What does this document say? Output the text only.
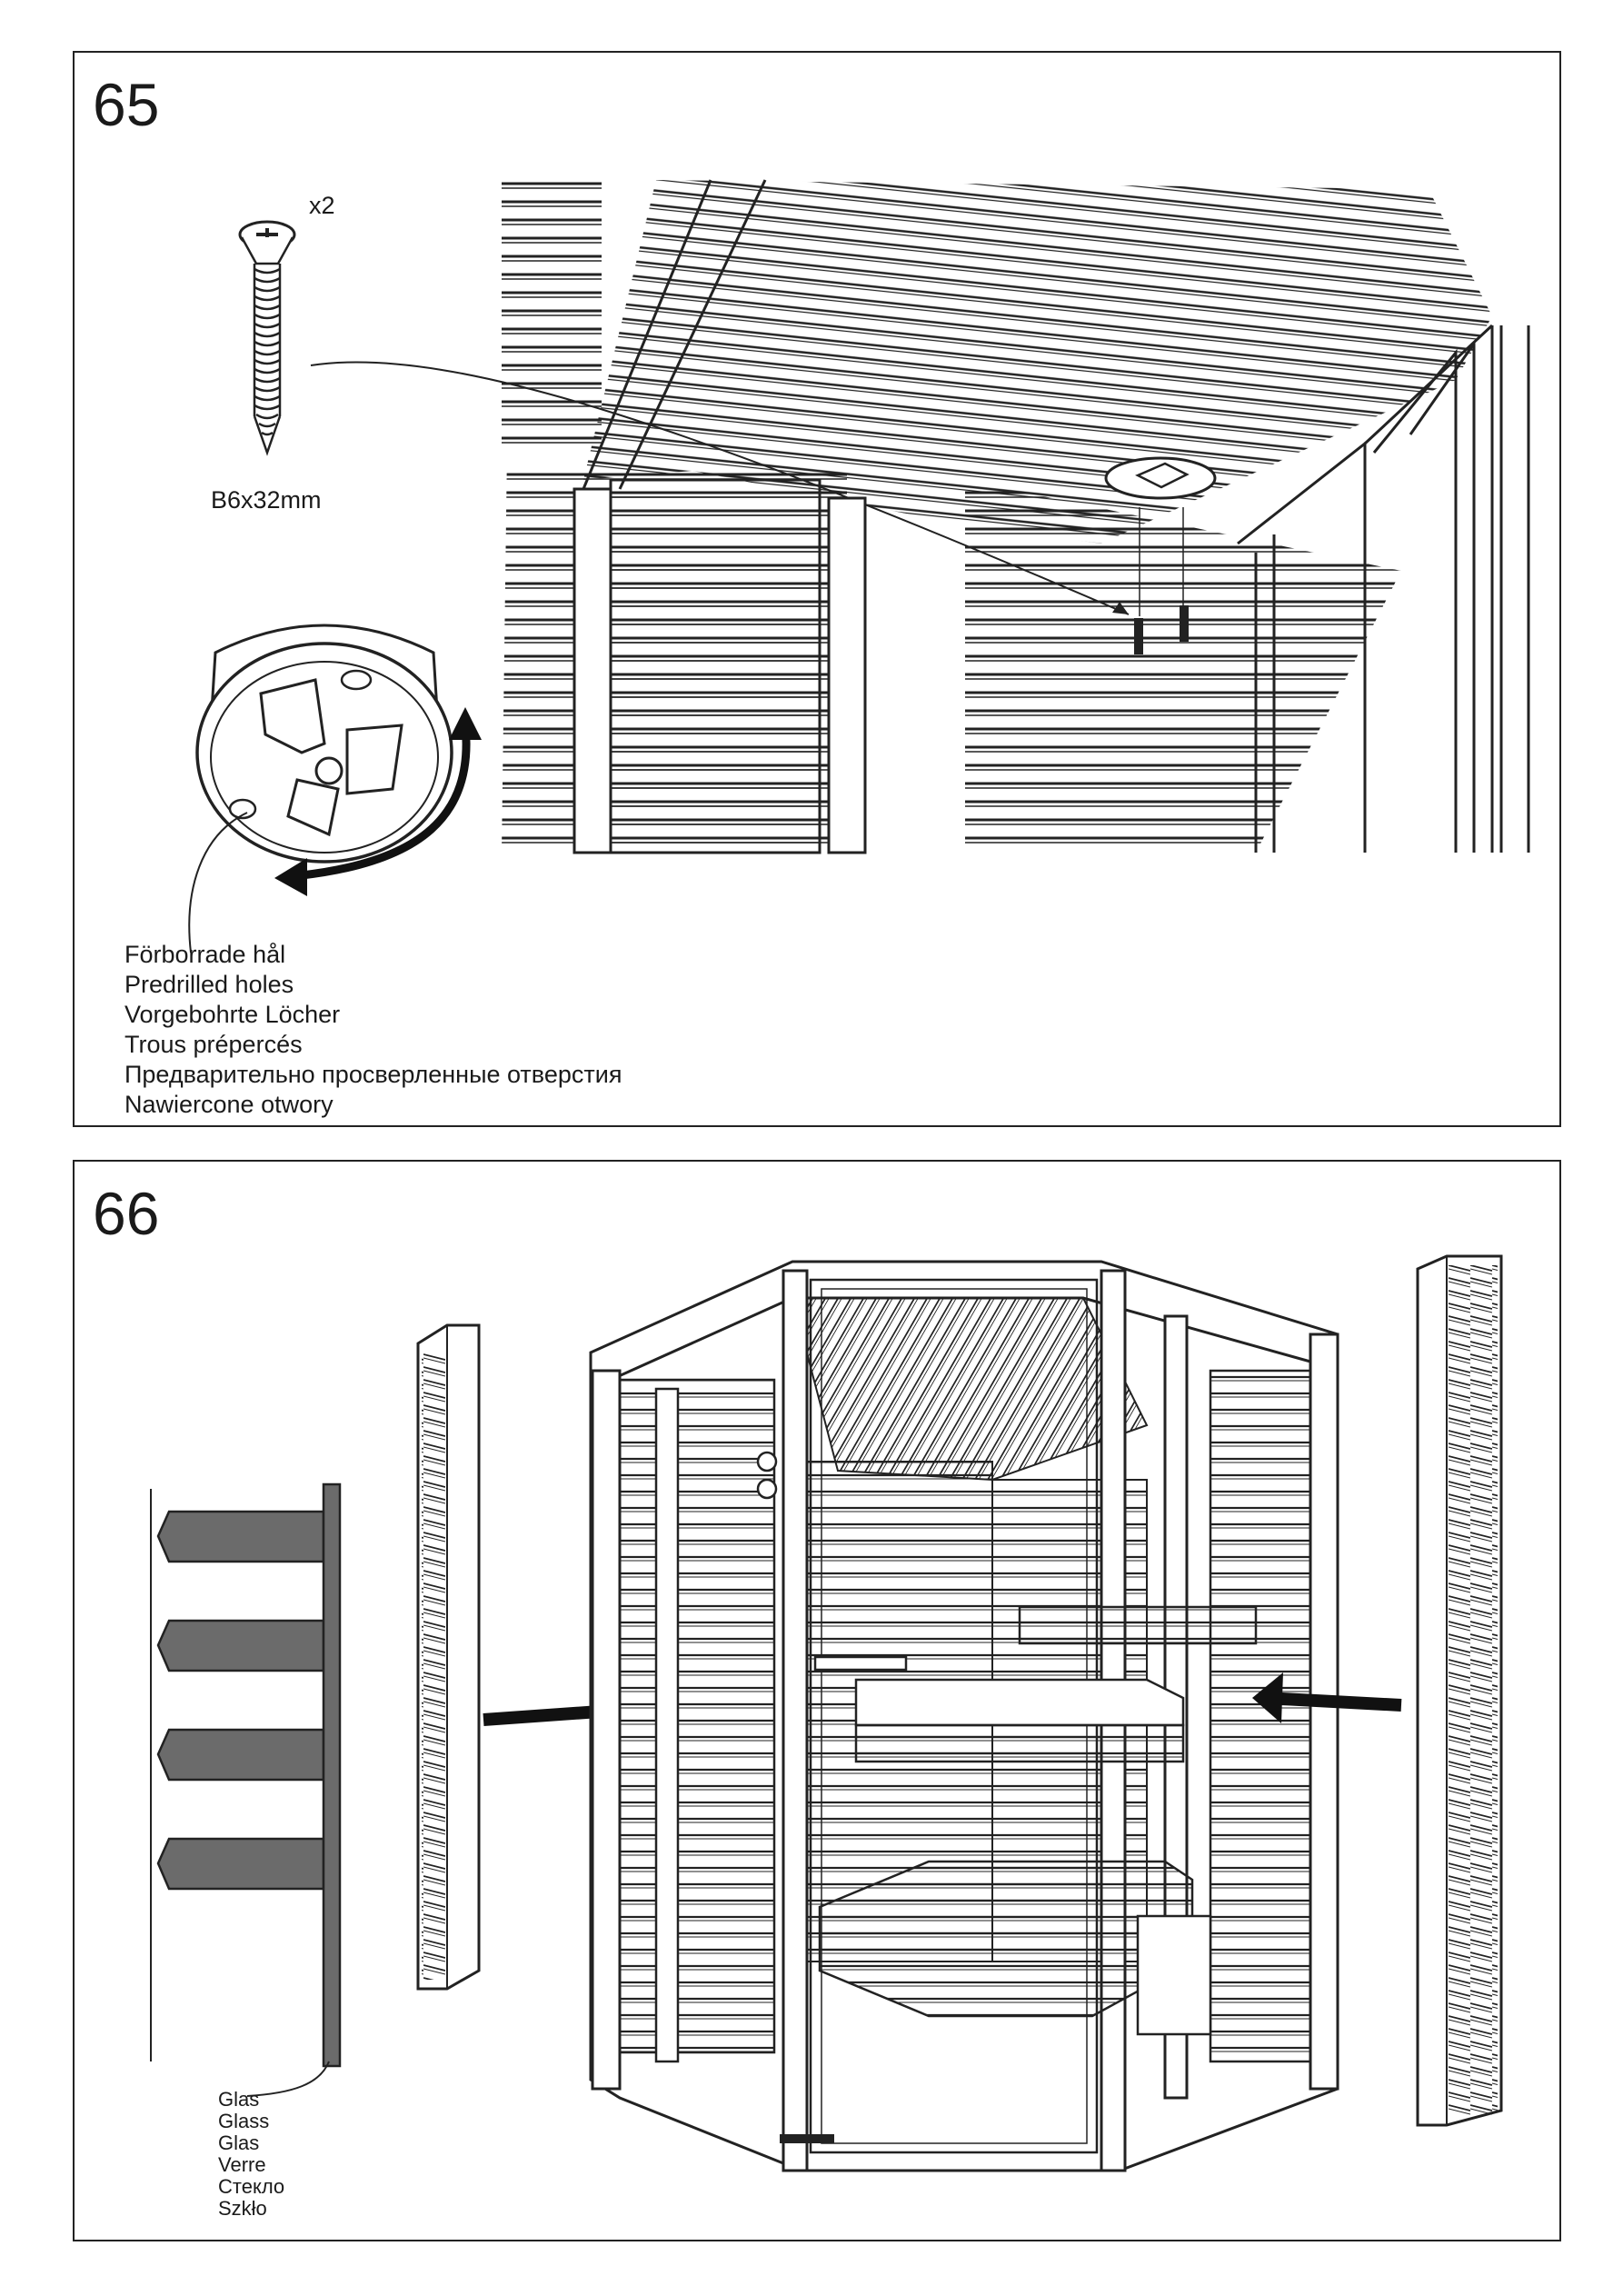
65
x2
B6x32mm
Förborrade hål
Predrilled holes
Vorgebohrte Löcher
Trous prépercés
Предварительно просверленные отверстия
Nawiercone otwory
66
Glas
Glass
Glas
Verre
Стекло
Szkło
